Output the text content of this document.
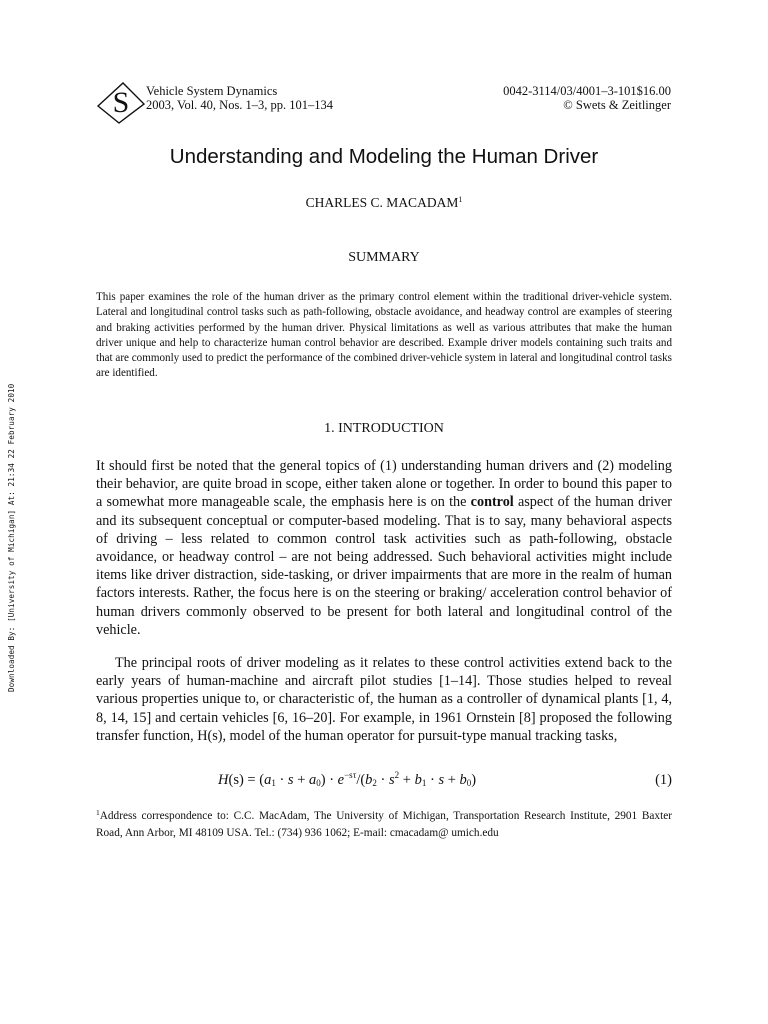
Downloaded By: [University of Michigan] At: 21:34 22 February 2010
S Vehicle System Dynamics
2003, Vol. 40, Nos. 1–3, pp. 101–134
0042-3114/03/4001–3-101$16.00
© Swets & Zeitlinger
Understanding and Modeling the Human Driver
CHARLES C. MACADAM$^1$
SUMMARY

This paper examines the role of the human driver as the primary control element within the traditional driver-vehicle system. Lateral and longitudinal control tasks such as path-following, obstacle avoidance, and headway control are examples of steering and braking activities performed by the human driver. Physical limitations as well as various attributes that make the human driver unique and help to characterize human control behavior are described. Example driver models containing such traits and that are commonly used to predict the performance of the combined driver-vehicle system in lateral and longitudinal control tasks are identified.

1. INTRODUCTION

It should first be noted that the general topics of (1) understanding human drivers and (2) modeling their behavior, are quite broad in scope, either taken alone or together. In order to bound this paper to a somewhat more manageable scale, the emphasis here is on the control aspect of the human driver and its subsequent conceptual or computer-based modeling. That is to say, many behavioral aspects of driving – less related to common control task activities such as path-following, obstacle avoidance, or headway control – are not being addressed. Such behavioral activities might include items like driver distraction, side-tasking, or driver impairments that are more in the realm of human factors interests. Rather, the focus here is on the steering or braking/ acceleration control behavior of human drivers commonly observed to be present for both lateral and longitudinal control of the vehicle.

The principal roots of driver modeling as it relates to these control activities extend back to the early years of human-machine and aircraft pilot studies [1–14]. Those studies helped to reveal various properties unique to, or characteristic of, the human as a controller of dynamical plants [1, 4, 8, 14, 15] and certain vehicles [6, 16–20]. For example, in 1961 Ornstein [8] proposed the following transfer function, H(s), model of the human operator for pursuit-type manual tracking tasks,

$H(s) = (a_1 \cdot s + a_0) \cdot e^{-s\tau}/(b_2 \cdot s^2 + b_1 \cdot s + b_0)$	(1)

$^1$Address correspondence to: C.C. MacAdam, The University of Michigan, Transportation Research Institute, 2901 Baxter Road, Ann Arbor, MI 48109 USA. Tel.: (734) 936 1062; E-mail: cmacadam@ umich.edu
